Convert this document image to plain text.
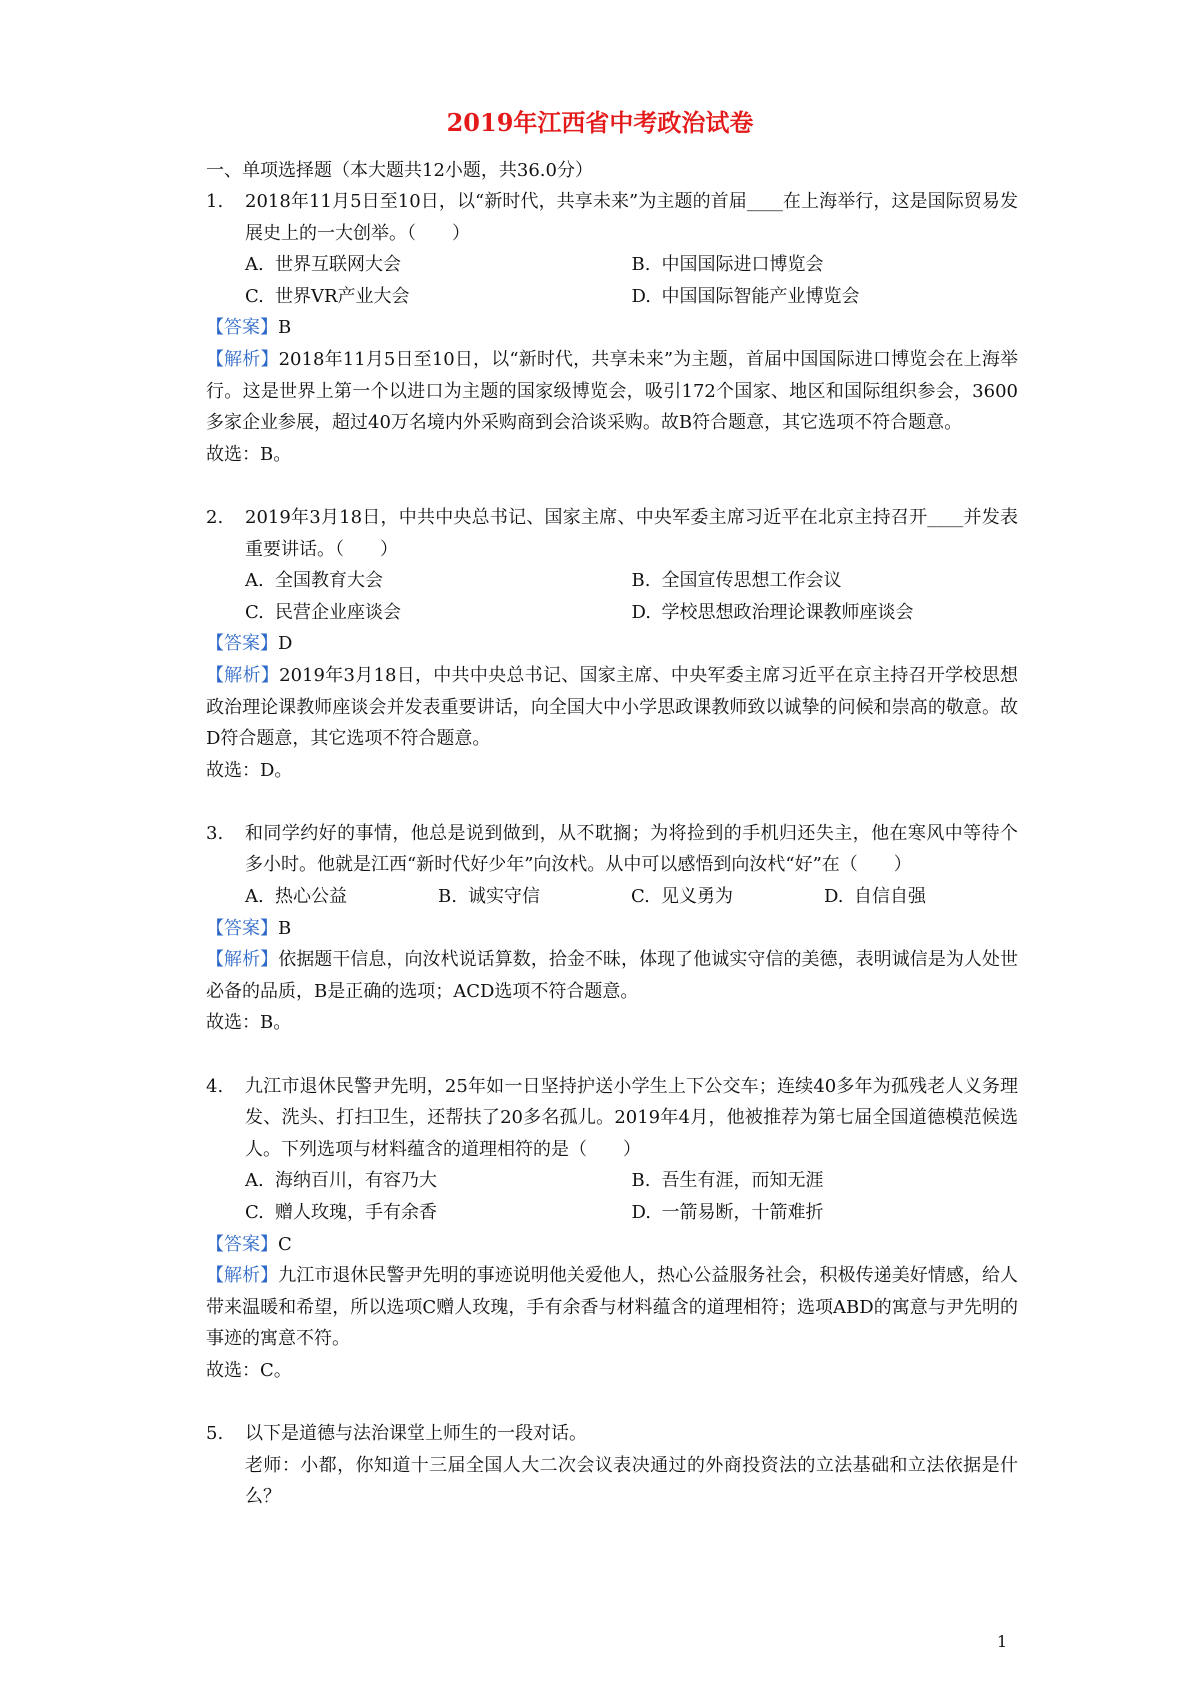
2019年江西省中考政治试卷
一、单项选择题（本大题共12小题，共36.0分）
1.	2018年11月5日至10日，以“新时代，共享未来”为主题的首届____在上海举行，这是国际贸易发展史上的一大创举。（　　）
A. 世界互联网大会	B. 中国国际进口博览会
C. 世界VR产业大会	D. 中国国际智能产业博览会
【答案】B
【解析】2018年11月5日至10日，以“新时代，共享未来”为主题，首届中国国际进口博览会在上海举行。这是世界上第一个以进口为主题的国家级博览会，吸引172个国家、地区和国际组织参会，3600多家企业参展，超过40万名境内外采购商到会洽谈采购。故B符合题意，其它选项不符合题意。
故选：B。
2.	2019年3月18日，中共中央总书记、国家主席、中央军委主席习近平在北京主持召开____并发表重要讲话。（　　）
A. 全国教育大会	B. 全国宣传思想工作会议
C. 民营企业座谈会	D. 学校思想政治理论课教师座谈会
【答案】D
【解析】2019年3月18日，中共中央总书记、国家主席、中央军委主席习近平在京主持召开学校思想政治理论课教师座谈会并发表重要讲话，向全国大中小学思政课教师致以诚挚的问候和崇高的敬意。故D符合题意，其它选项不符合题意。
故选：D。
3.	和同学约好的事情，他总是说到做到，从不耽搁；为将捡到的手机归还失主，他在寒风中等待个多小时。他就是江西“新时代好少年”向汝杙。从中可以感悟到向汝杙“好”在（　　）
A. 热心公益	B. 诚实守信	C. 见义勇为	D. 自信自强
【答案】B
【解析】依据题干信息，向汝杙说话算数，拾金不昧，体现了他诚实守信的美德，表明诚信是为人处世必备的品质，B是正确的选项；ACD选项不符合题意。
故选：B。
4.	九江市退休民警尹先明，25年如一日坚持护送小学生上下公交车；连续40多年为孤残老人义务理发、洗头、打扫卫生，还帮扶了20多名孤儿。2019年4月，他被推荐为第七届全国道德模范候选人。下列选项与材料蕴含的道理相符的是（　　）
A. 海纳百川，有容乃大	B. 吾生有涯，而知无涯
C. 赠人玫瑰，手有余香	D. 一箭易断，十箭难折
【答案】C
【解析】九江市退休民警尹先明的事迹说明他关爱他人，热心公益服务社会，积极传递美好情感，给人带来温暖和希望，所以选项C赠人玫瑰，手有余香与材料蕴含的道理相符；选项ABD的寓意与尹先明的事迹的寓意不符。
故选：C。
5.	以下是道德与法治课堂上师生的一段对话。
老师：小都，你知道十三届全国人大二次会议表决通过的外商投资法的立法基础和立法依据是什么？
1
